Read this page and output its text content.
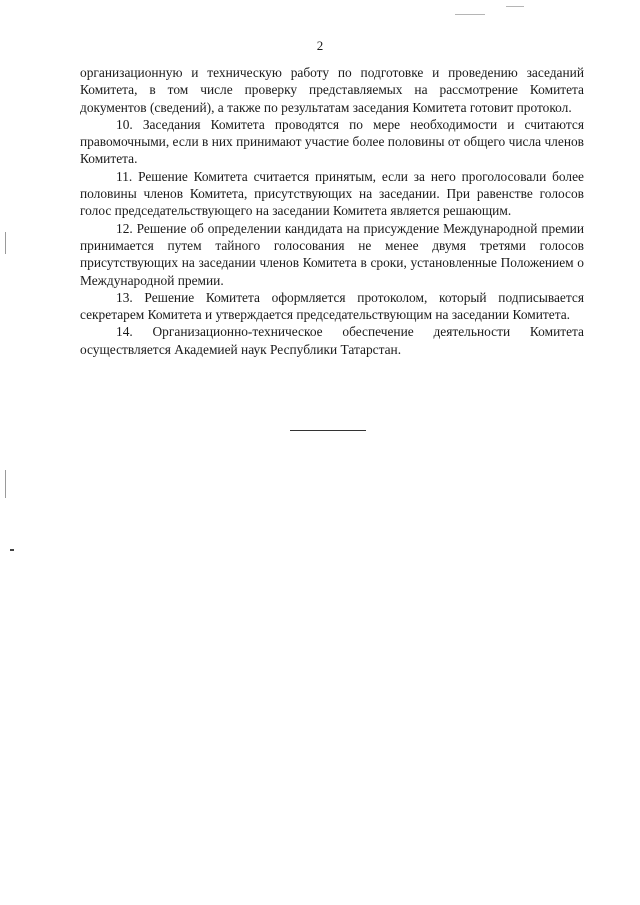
2

организационную и техническую работу по подготовке и проведению заседаний Комитета, в том числе проверку представляемых на рассмотрение Комитета документов (сведений), а также по результатам заседания Комитета готовит протокол.

10. Заседания Комитета проводятся по мере необходимости и считаются правомочными, если в них принимают участие более половины от общего числа членов Комитета.

11. Решение Комитета считается принятым, если за него проголосовали более половины членов Комитета, присутствующих на заседании. При равенстве голосов голос председательствующего на заседании Комитета является решающим.

12. Решение об определении кандидата на присуждение Международной премии принимается путем тайного голосования не менее двумя третями голосов присутствующих на заседании членов Комитета в сроки, установленные Положением о Международной премии.

13. Решение Комитета оформляется протоколом, который подписывается секретарем Комитета и утверждается председательствующим на заседании Комитета.

14. Организационно-техническое обеспечение деятельности Комитета осуществляется Академией наук Республики Татарстан.
